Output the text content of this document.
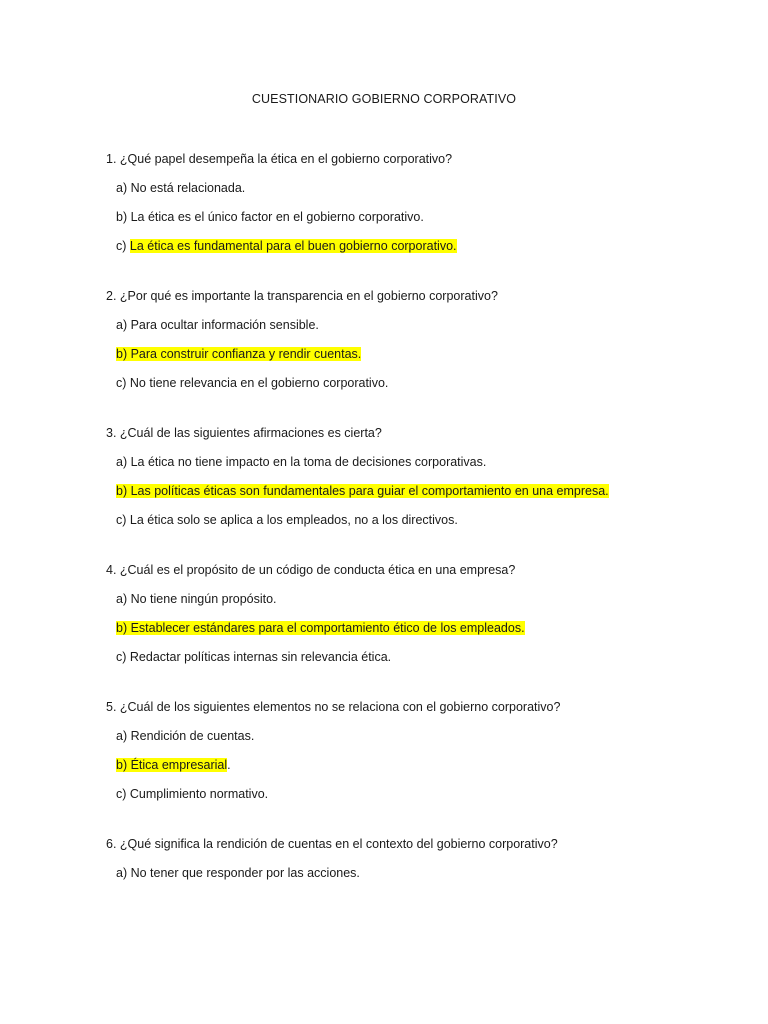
CUESTIONARIO GOBIERNO CORPORATIVO
1. ¿Qué papel desempeña la ética en el gobierno corporativo?
a) No está relacionada.
b) La ética es el único factor en el gobierno corporativo.
c) La ética es fundamental para el buen gobierno corporativo.
2. ¿Por qué es importante la transparencia en el gobierno corporativo?
a) Para ocultar información sensible.
b) Para construir confianza y rendir cuentas.
c) No tiene relevancia en el gobierno corporativo.
3. ¿Cuál de las siguientes afirmaciones es cierta?
a) La ética no tiene impacto en la toma de decisiones corporativas.
b) Las políticas éticas son fundamentales para guiar el comportamiento en una empresa.
c) La ética solo se aplica a los empleados, no a los directivos.
4. ¿Cuál es el propósito de un código de conducta ética en una empresa?
a) No tiene ningún propósito.
b) Establecer estándares para el comportamiento ético de los empleados.
c) Redactar políticas internas sin relevancia ética.
5. ¿Cuál de los siguientes elementos no se relaciona con el gobierno corporativo?
a) Rendición de cuentas.
b) Ética empresarial.
c) Cumplimiento normativo.
6. ¿Qué significa la rendición de cuentas en el contexto del gobierno corporativo?
a) No tener que responder por las acciones.
